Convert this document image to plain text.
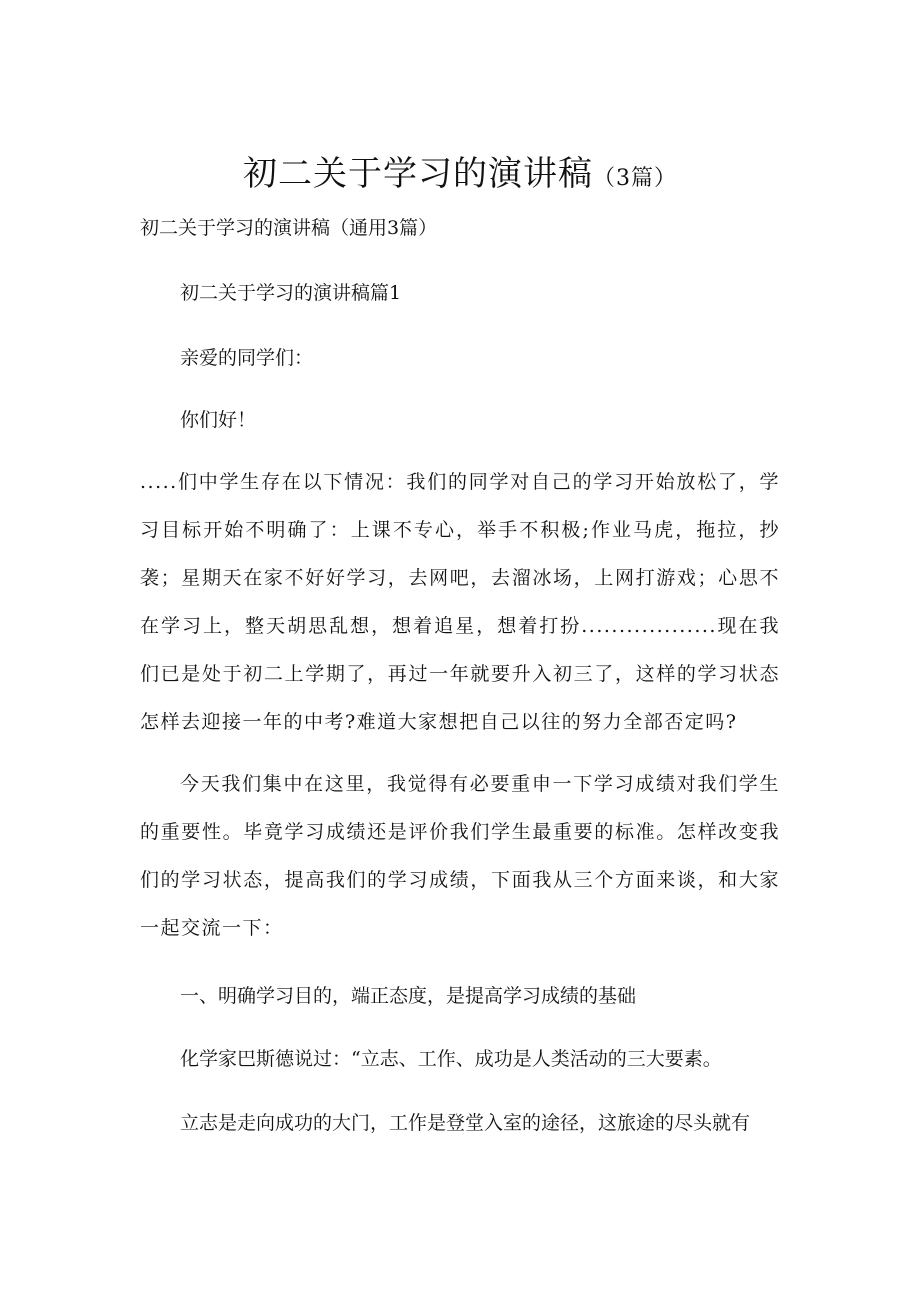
初二关于学习的演讲稿（3篇）
初二关于学习的演讲稿（通用3篇）
初二关于学习的演讲稿篇1
亲爱的同学们：
你们好！
.....们中学生存在以下情况：我们的同学对自己的学习开始放松了，学习目标开始不明确了：上课不专心，举手不积极;作业马虎，拖拉，抄袭；星期天在家不好好学习，去网吧，去溜冰场，上网打游戏；心思不在学习上，整天胡思乱想，想着追星，想着打扮..................现在我们已是处于初二上学期了，再过一年就要升入初三了，这样的学习状态怎样去迎接一年的中考?难道大家想把自己以往的努力全部否定吗?
今天我们集中在这里，我觉得有必要重申一下学习成绩对我们学生的重要性。毕竟学习成绩还是评价我们学生最重要的标准。怎样改变我们的学习状态，提高我们的学习成绩，下面我从三个方面来谈，和大家一起交流一下：
一、明确学习目的，端正态度，是提高学习成绩的基础
化学家巴斯德说过：“立志、工作、成功是人类活动的三大要素。
立志是走向成功的大门，工作是登堂入室的途径，这旅途的尽头就有
